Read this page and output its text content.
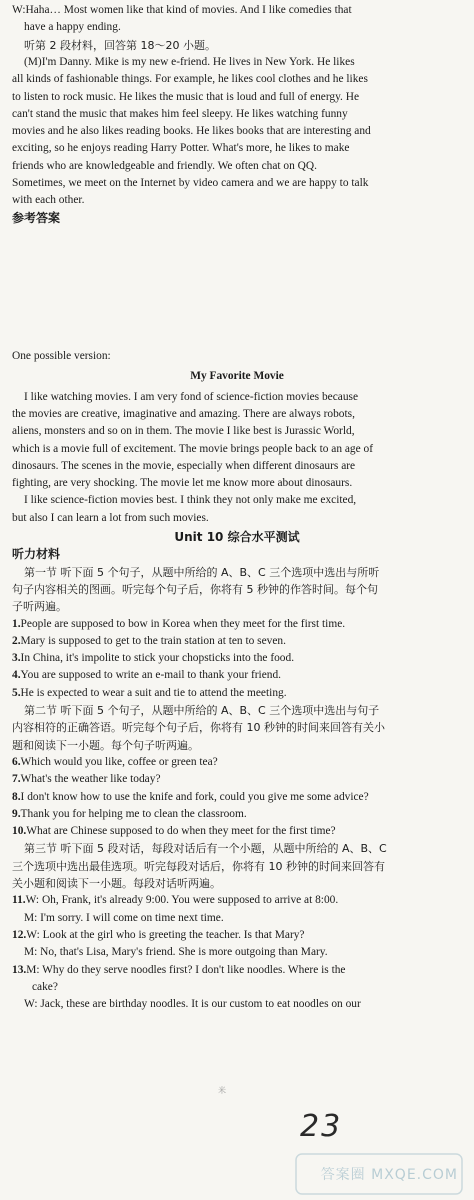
W:Haha… Most women like that kind of movies. And I like comedies that
have a happy ending.
听第 2 段材料，回答第 18～20 小题。
(M)I'm Danny. Mike is my new e-friend. He lives in New York. He likes
all kinds of fashionable things. For example, he likes cool clothes and he likes
to listen to rock music. He likes the music that is loud and full of energy. He
can't stand the music that makes him feel sleepy. He likes watching funny
movies and he also likes reading books. He likes books that are interesting and
exciting, so he enjoys reading Harry Potter. What's more, he likes to make
friends who are knowledgeable and friendly. We often chat on QQ.
Sometimes, we meet on the Internet by video camera and we are happy to talk
with each other.
参考答案
One possible version:
My Favorite Movie
I like watching movies. I am very fond of science-fiction movies because
the movies are creative, imaginative and amazing. There are always robots,
aliens, monsters and so on in them. The movie I like best is Jurassic World,
which is a movie full of excitement. The movie brings people back to an age of
dinosaurs. The scenes in the movie, especially when different dinosaurs are
fighting, are very shocking. The movie let me know more about dinosaurs.
I like science-fiction movies best. I think they not only make me excited,
but also I can learn a lot from such movies.
Unit 10 综合水平测试
听力材料
第一节 听下面 5 个句子，从题中所给的 A、B、C 三个选项中选出与所听
句子内容相关的图画。听完每个句子后，你将有 5 秒钟的作答时间。每个句
子听两遍。
1.People are supposed to bow in Korea when they meet for the first time.
2.Mary is supposed to get to the train station at ten to seven.
3.In China, it's impolite to stick your chopsticks into the food.
4.You are supposed to write an e-mail to thank your friend.
5.He is expected to wear a suit and tie to attend the meeting.
第二节 听下面 5 个句子，从题中所给的 A、B、C 三个选项中选出与句子
内容相符的正确答语。听完每个句子后，你将有 10 秒钟的时间来回答有关小
题和阅读下一小题。每个句子听两遍。
6.Which would you like, coffee or green tea?
7.What's the weather like today?
8.I don't know how to use the knife and fork, could you give me some advice?
9.Thank you for helping me to clean the classroom.
10.What are Chinese supposed to do when they meet for the first time?
第三节 听下面 5 段对话，每段对话后有一个小题，从题中所给的 A、B、C
三个选项中选出最佳选项。听完每段对话后，你将有 10 秒钟的时间来回答有
关小题和阅读下一小题。每段对话听两遍。
11.W: Oh, Frank, it's already 9:00. You were supposed to arrive at 8:00.
M: I'm sorry. I will come on time next time.
12.W: Look at the girl who is greeting the teacher. Is that Mary?
M: No, that's Lisa, Mary's friend. She is more outgoing than Mary.
13.M: Why do they serve noodles first? I don't like noodles. Where is the
cake?
W: Jack, these are birthday noodles. It is our custom to eat noodles on our
米
23
答案圈 MXQE.COM
